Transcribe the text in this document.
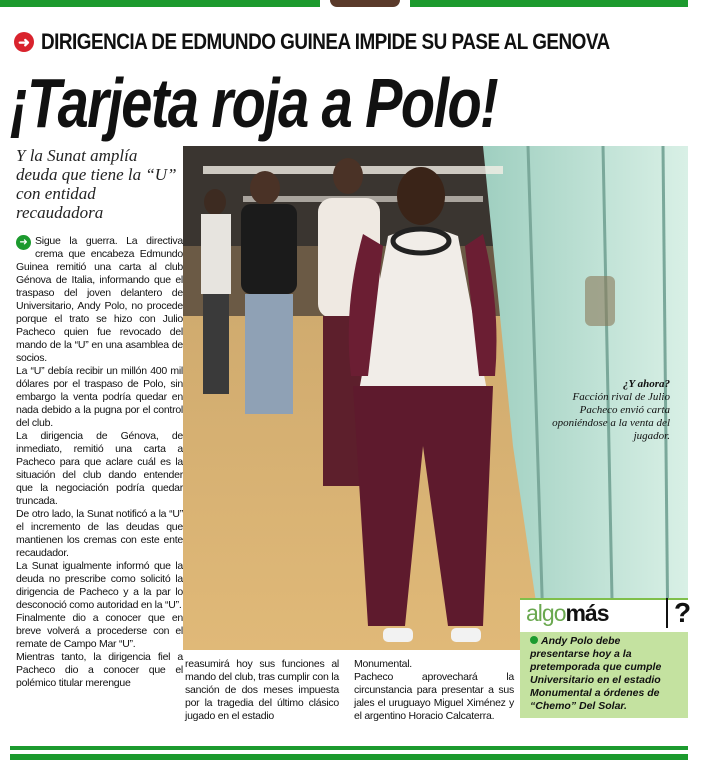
➜ DIRIGENCIA DE EDMUNDO GUINEA IMPIDE SU PASE AL GENOVA
¡Tarjeta roja a Polo!
Y la Sunat amplía deuda que tiene la “U” con entidad recaudadora

➜ Sigue la guerra. La directiva crema que encabeza Edmundo Guinea remitió una carta al club Génova de Italia, informando que el traspaso del joven delantero de Universitario, Andy Polo, no procede porque el trato se hizo con Julio Pacheco quien fue revocado del mando de la “U” en una asamblea de socios.

La “U” debía recibir un millón 400 mil dólares por el traspaso de Polo, sin embargo la venta podría quedar en nada debido a la pugna por el control del club.

La dirigencia de Génova, de inmediato, remitió una carta a Pacheco para que aclare cuál es la situación del club dando entender que la negociación podría quedar truncada.

De otro lado, la Sunat notificó a la “U” el incremento de las deudas que mantienen los cremas con este ente recaudador.

La Sunat igualmente informó que la deuda no prescribe como solicitó la dirigencia de Pacheco y a la par lo desconoció como autoridad en la “U”.

Finalmente dio a conocer que en breve volverá a procederse con el remate de Campo Mar “U”.

Mientras tanto, la dirigencia fiel a Pacheco dio a conocer que el polémico titular merengue

¿Y ahora?
Facción rival de Julio Pacheco envió carta oponiéndose a la venta del jugador.

reasumirá hoy sus funciones al mando del club, tras cumplir con la sanción de dos meses impuesta por la tragedia del último clásico jugado en el estadio

Monumental.

Pacheco aprovechará la circunstancia para presentar a sus jales el uruguayo Miguel Ximénez y el argentino Horacio Calcaterra.

algomás ?
Andy Polo debe presentarse hoy a la pretemporada que cumple Universitario en el estadio Monumental a órdenes de “Chemo” Del Solar.
